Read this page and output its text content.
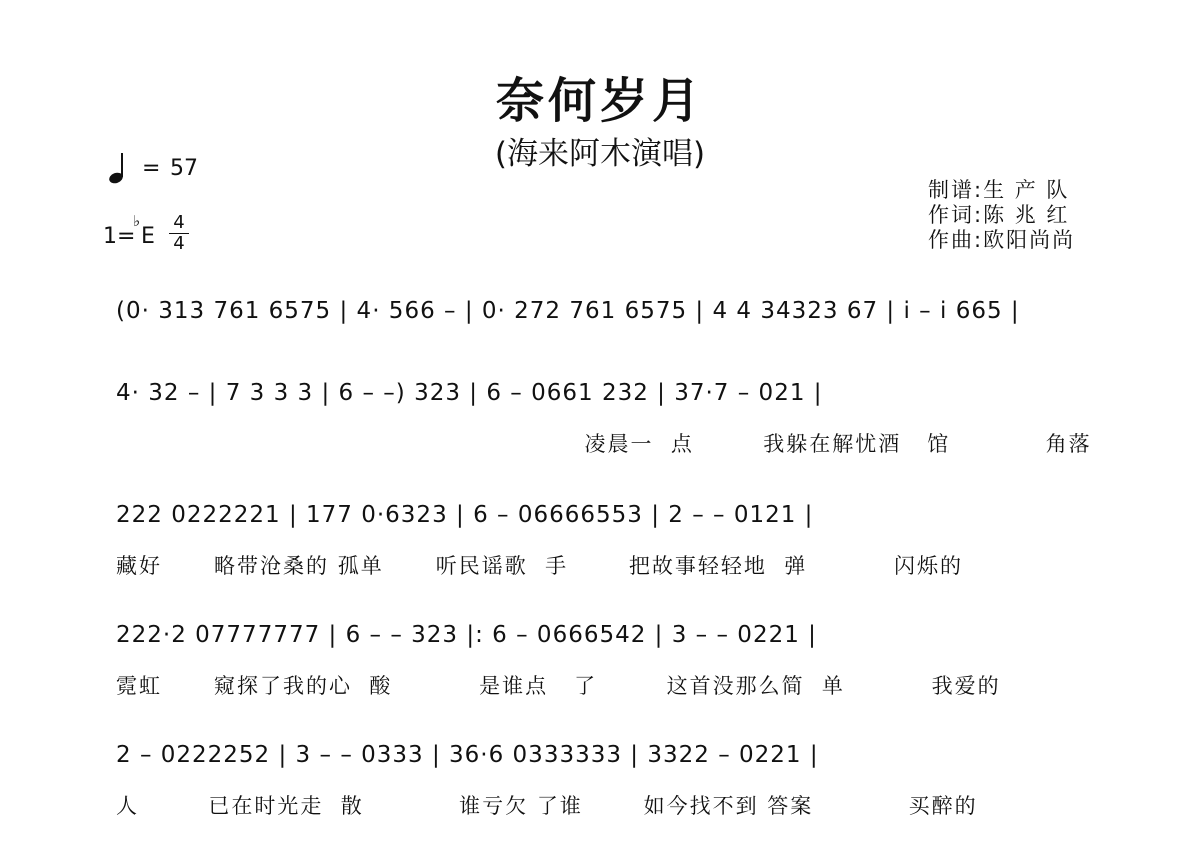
奈何岁月
(海来阿木演唱)
= 57
1=
♭
E
4
4
制谱:生 产 队
作词:陈 兆 红
作曲:欧阳尚尚
(0· 313 761 6575 | 4· 566 – | 0· 272 761 6575 | 4 4 34323 67 | i – i 665 |
4· 32 – | 7 3 3 3 | 6 – –) 323 | 6 – 0661 232 | 37·7 – 021 |
凌晨一  点        我躲在解忧酒   馆           角落
222 0222221 | 177 0·6323 | 6 – 06666553 | 2 – – 0121 |
藏好      略带沧桑的 孤单      听民谣歌  手       把故事轻轻地  弹          闪烁的
222·2 07777777 | 6 – – 323 |: 6 – 0666542 | 3 – – 0221 |
霓虹      窥探了我的心  酸          是谁点   了        这首没那么简  单          我爱的
2 – 0222252 | 3 – – 0333 | 36·6 0333333 | 3322 – 0221 |
人        已在时光走  散           谁亏欠 了谁       如今找不到 答案           买醉的
